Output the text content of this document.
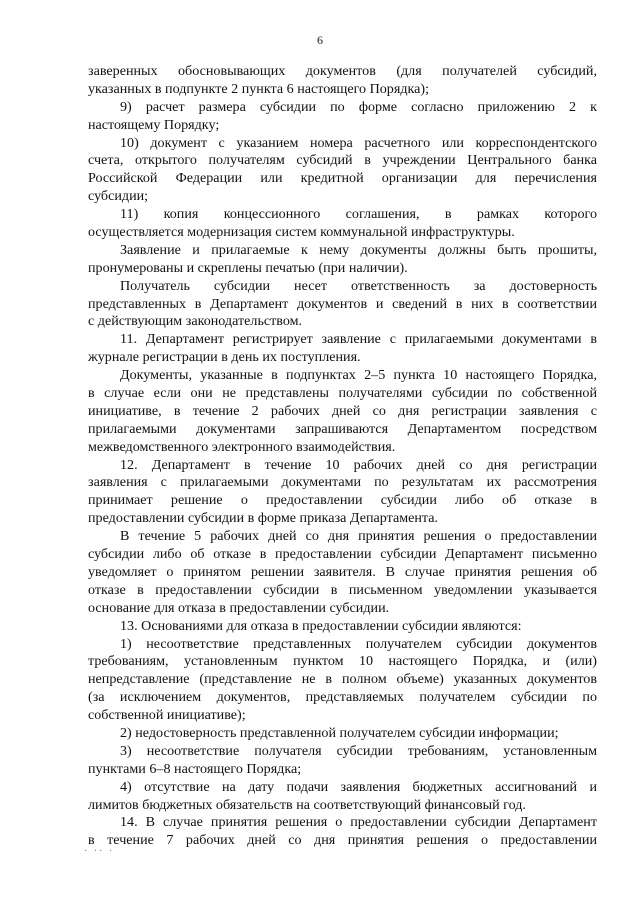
6
заверенных обосновывающих документов (для получателей субсидий,
указанных в подпункте 2 пункта 6 настоящего Порядка);
9) расчет размера субсидии по форме согласно приложению 2 к
настоящему Порядку;
10) документ с указанием номера расчетного или корреспондентского
счета, открытого получателям субсидий в учреждении Центрального банка
Российской Федерации или кредитной организации для перечисления
субсидии;
11) копия концессионного соглашения, в рамках которого
осуществляется модернизация систем коммунальной инфраструктуры.
Заявление и прилагаемые к нему документы должны быть прошиты,
пронумерованы и скреплены печатью (при наличии).
Получатель субсидии несет ответственность за достоверность
представленных в Департамент документов и сведений в них в соответствии
с действующим законодательством.
11. Департамент регистрирует заявление с прилагаемыми документами в
журнале регистрации в день их поступления.
Документы, указанные в подпунктах 2–5 пункта 10 настоящего Порядка,
в случае если они не представлены получателями субсидии по собственной
инициативе, в течение 2 рабочих дней со дня регистрации заявления с
прилагаемыми документами запрашиваются Департаментом посредством
межведомственного электронного взаимодействия.
12. Департамент в течение 10 рабочих дней со дня регистрации
заявления с прилагаемыми документами по результатам их рассмотрения
принимает решение о предоставлении субсидии либо об отказе в
предоставлении субсидии в форме приказа Департамента.
В течение 5 рабочих дней со дня принятия решения о предоставлении
субсидии либо об отказе в предоставлении субсидии Департамент письменно
уведомляет о принятом решении заявителя. В случае принятия решения об
отказе в предоставлении субсидии в письменном уведомлении указывается
основание для отказа в предоставлении субсидии.
13. Основаниями для отказа в предоставлении субсидии являются:
1) несоответствие представленных получателем субсидии документов
требованиям, установленным пунктом 10 настоящего Порядка, и (или)
непредставление (представление не в полном объеме) указанных документов
(за исключением документов, представляемых получателем субсидии по
собственной инициативе);
2) недостоверность представленной получателем субсидии информации;
3) несоответствие получателя субсидии требованиям, установленным
пунктами 6–8 настоящего Порядка;
4) отсутствие на дату подачи заявления бюджетных ассигнований и
лимитов бюджетных обязательств на соответствующий финансовый год.
14. В случае принятия решения о предоставлении субсидии Департамент
в течение 7 рабочих дней со дня принятия решения о предоставлении
· ·· ·
